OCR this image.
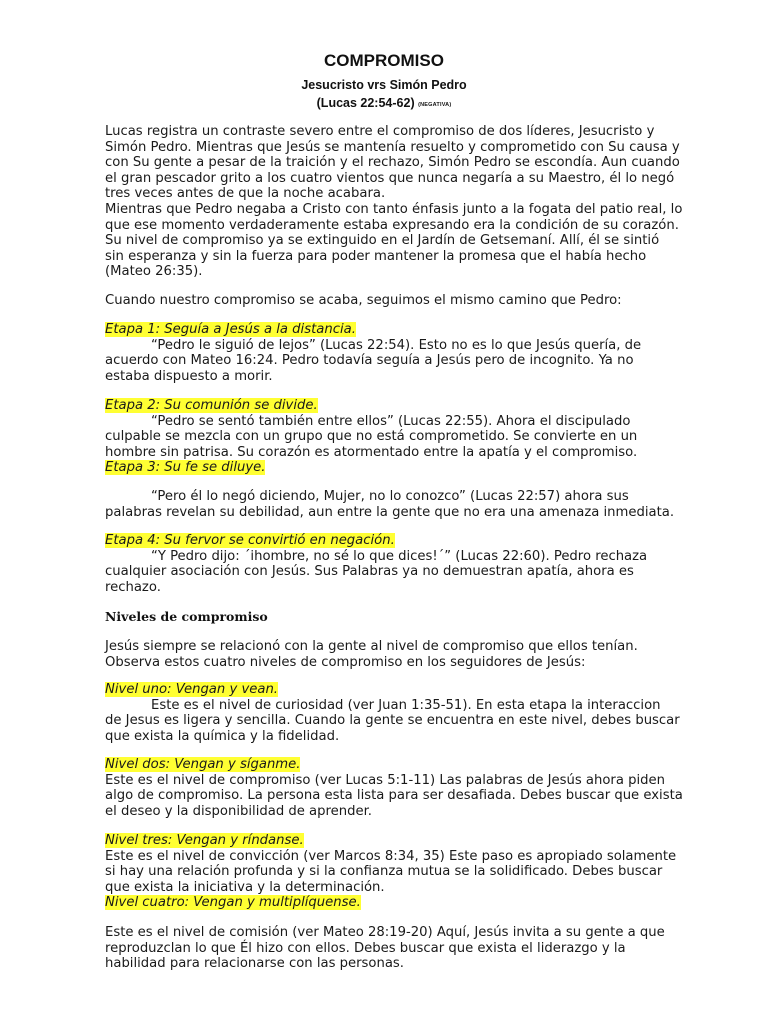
COMPROMISO

Jesucristo vrs Simón Pedro

(Lucas 22:54-62) (NEGATIVA)

Lucas registra un contraste severo entre el compromiso de dos líderes, Jesucristo y
Simón Pedro. Mientras que Jesús se mantenía resuelto y comprometido con Su causa y
con Su gente a pesar de la traición y el rechazo, Simón Pedro se escondía. Aun cuando
el gran pescador grito a los cuatro vientos que nunca negaría a su Maestro, él lo negó
tres veces antes de que la noche acabara.
Mientras que Pedro negaba a Cristo con tanto énfasis junto a la fogata del patio real, lo
que ese momento verdaderamente estaba expresando era la condición de su corazón.
Su nivel de compromiso ya se extinguido en el Jardín de Getsemaní. Allí, él se sintió
sin esperanza y sin la fuerza para poder mantener la promesa que el había hecho
(Mateo 26:35).

Cuando nuestro compromiso se acaba, seguimos el mismo camino que Pedro:

Etapa 1: Seguía a Jesús a la distancia.
“Pedro le siguió de lejos” (Lucas 22:54). Esto no es lo que Jesús quería, de
acuerdo con Mateo 16:24. Pedro todavía seguía a Jesús pero de incognito. Ya no
estaba dispuesto a morir.
Etapa 2: Su comunión se divide.
“Pedro se sentó también entre ellos” (Lucas 22:55). Ahora el discipulado
culpable se mezcla con un grupo que no está comprometido. Se convierte en un
hombre sin patrisa. Su corazón es atormentado entre la apatía y el compromiso.
Etapa 3: Su fe se diluye.
“Pero él lo negó diciendo, Mujer, no lo conozco” (Lucas 22:57) ahora sus
palabras revelan su debilidad, aun entre la gente que no era una amenaza inmediata.
Etapa 4: Su fervor se convirtió en negación.
“Y Pedro dijo: ´ihombre, no sé lo que dices!´” (Lucas 22:60). Pedro rechaza
cualquier asociación con Jesús. Sus Palabras ya no demuestran apatía, ahora es
rechazo.
Niveles de compromiso
Jesús siempre se relacionó con la gente al nivel de compromiso que ellos tenían.
Observa estos cuatro niveles de compromiso en los seguidores de Jesús:
Nivel uno: Vengan y vean.
Este es el nivel de curiosidad (ver Juan 1:35-51). En esta etapa la interaccion
de Jesus es ligera y sencilla. Cuando la gente se encuentra en este nivel, debes buscar
que exista la química y la fidelidad.
Nivel dos: Vengan y síganme.
Este es el nivel de compromiso (ver Lucas 5:1-11) Las palabras de Jesús ahora piden
algo de compromiso. La persona esta lista para ser desafiada. Debes buscar que exista
el deseo y la disponibilidad de aprender.
Nivel tres: Vengan y ríndanse.
Este es el nivel de convicción (ver Marcos 8:34, 35) Este paso es apropiado solamente
si hay una relación profunda y si la confianza mutua se la solidificado. Debes buscar
que exista la iniciativa y la determinación.
Nivel cuatro: Vengan y multiplíquense.
Este es el nivel de comisión (ver Mateo 28:19-20) Aquí, Jesús invita a su gente a que
reproduzclan lo que Él hizo con ellos. Debes buscar que exista el liderazgo y la
habilidad para relacionarse con las personas.
